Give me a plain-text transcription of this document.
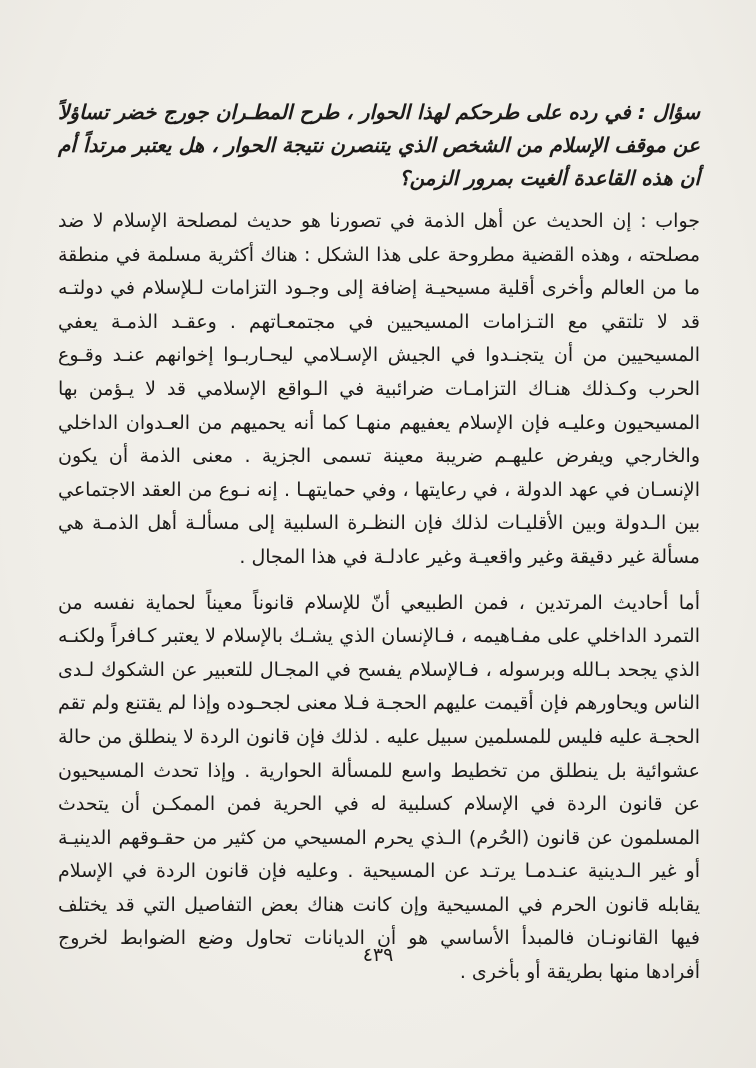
سؤال : في رده على طرحكم لهذا الحوار ، طرح المطـران جورج خضر تساؤلاً عن موقف الإسلام من الشخص الذي يتنصرن نتيجة الحوار ، هل يعتبر مرتداً أم أن هذه القاعدة ألغيت بمرور الزمن؟

جواب : إن الحديث عن أهل الذمة في تصورنا هو حديث لمصلحة الإسلام لا ضد مصلحته ، وهذه القضية مطروحة على هذا الشكل : هناك أكثرية مسلمة في منطقة ما من العالم وأخرى أقلية مسيحيـة إضافة إلى وجـود التزامات لـلإسلام في دولتـه قد لا تلتقي مع التـزامات المسيحيين في مجتمعـاتهم . وعقـد الذمـة يعفي المسيحيين من أن يتجنـدوا في الجيش الإسـلامي ليحـاربـوا إخوانهم عنـد وقـوع الحرب وكـذلك هنـاك التزامـات ضرائبية في الـواقع الإسلامي قد لا يـؤمن بها المسيحيون وعليـه فإن الإسلام يعفيهم منهـا كما أنه يحميهم من العـدوان الداخلي والخارجي ويفرض عليهـم ضريبة معينة تسمى الجزية . معنى الذمة أن يكون الإنسـان في عهد الدولة ، في رعايتها ، وفي حمايتهـا . إنه نـوع من العقد الاجتماعي بين الـدولة وبين الأقليـات لذلك فإن النظـرة السلبية إلى مسألـة أهل الذمـة هي مسألة غير دقيقة وغير واقعيـة وغير عادلـة في هذا المجال .

أما أحاديث المرتدين ، فمن الطبيعي أنّ للإسلام قانوناً معيناً لحماية نفسه من التمرد الداخلي على مفـاهيمه ، فـالإنسان الذي يشـك بالإسلام لا يعتبر كـافراً ولكنـه الذي يجحد بـالله وبرسوله ، فـالإسلام يفسح في المجـال للتعبير عن الشكوك لـدى الناس ويحاورهم فإن أقيمت عليهم الحجـة فـلا معنى لجحـوده وإذا لم يقتنع ولم تقم الحجـة عليه فليس للمسلمين سبيل عليه . لذلك فإن قانون الردة لا ينطلق من حالة عشوائية بل ينطلق من تخطيط واسع للمسألة الحوارية . وإذا تحدث المسيحيون عن قانون الردة في الإسلام كسلبية له في الحرية فمن الممكـن أن يتحدث المسلمون عن قانون (الحُرم) الـذي يحرم المسيحي من كثير من حقـوقهم الدينيـة أو غير الـدينية عنـدمـا يرتـد عن المسيحية . وعليه فإن قانون الردة في الإسلام يقابله قانون الحرم في المسيحية وإن كانت هناك بعض التفاصيل التي قد يختلف فيها القانونـان فالمبدأ الأساسي هو أن الديانات تحاول وضع الضوابط لخروج أفرادها منها بطريقة أو بأخرى .

٤٣٩
